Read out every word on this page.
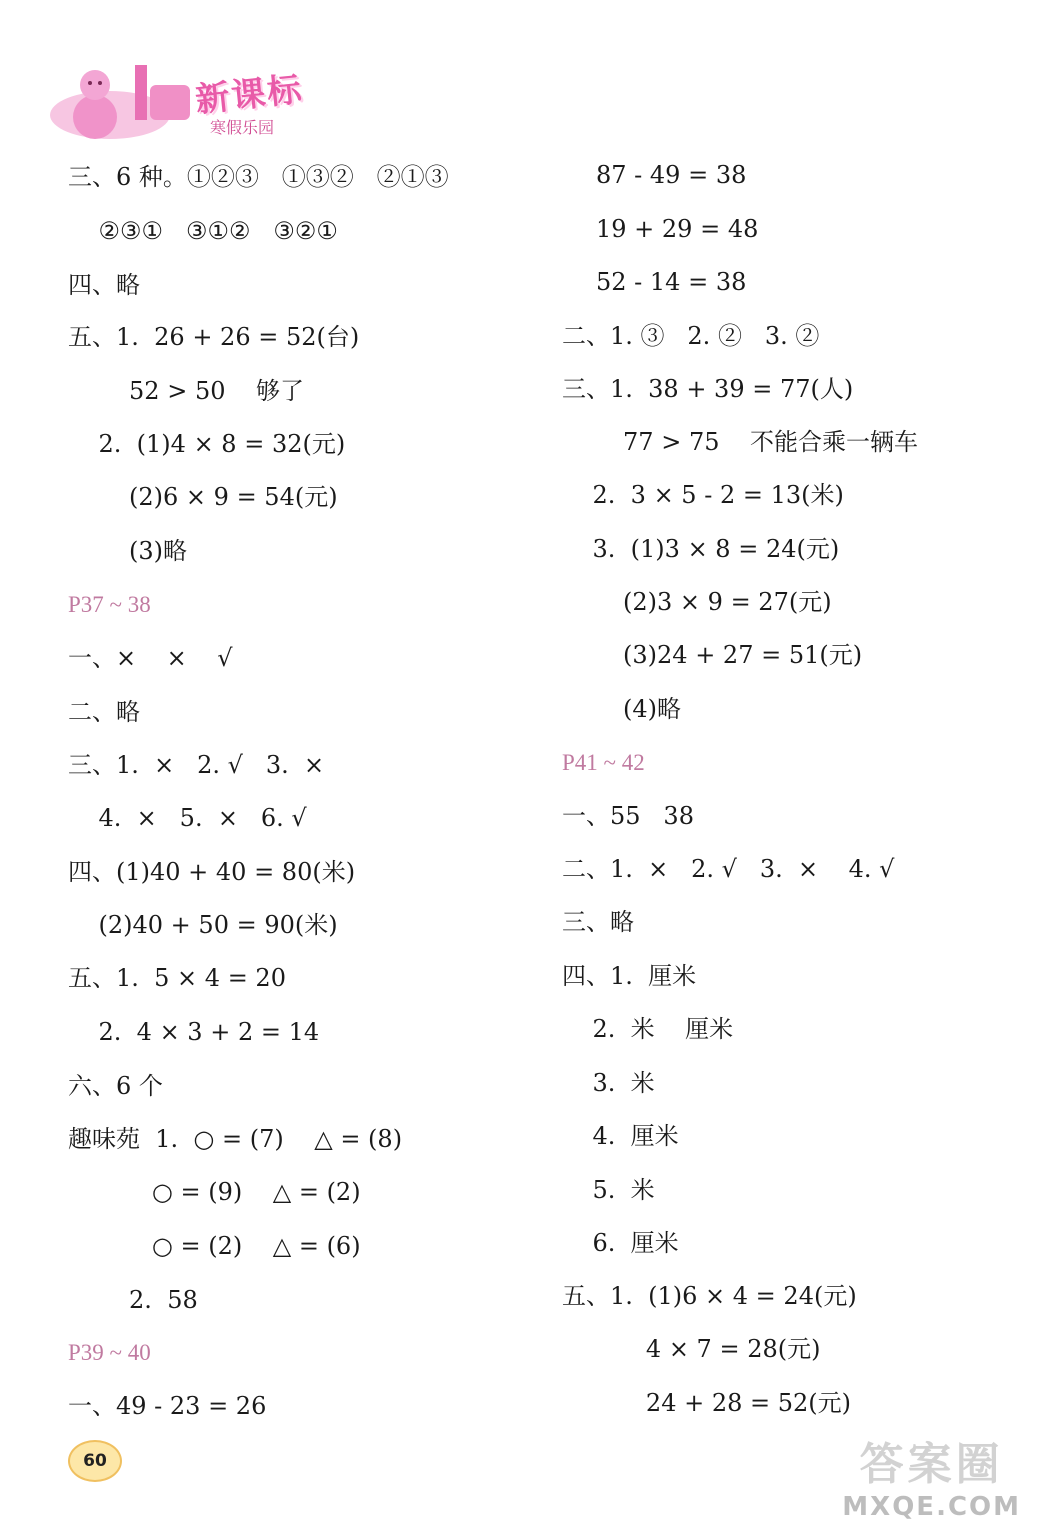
新课标
寒假乐园
三、6 种。①②③   ①③②   ②①③
②③①   ③①②   ③②①
四、略
五、1.  26 + 26 = 52(台)
52 > 50    够了
2.  (1)4 × 8 = 32(元)
(2)6 × 9 = 54(元)
(3)略
P37 ~ 38
一、×    ×    √
二、略
三、1.  ×   2. √   3.  ×
4.  ×   5.  ×   6. √
四、(1)40 + 40 = 80(米)
(2)40 + 50 = 90(米)
五、1.  5 × 4 = 20
2.  4 × 3 + 2 = 14
六、6 个
趣味苑  1.  ○ = (7)    △ = (8)
○ = (9)    △ = (2)
○ = (2)    △ = (6)
2.  58
P39 ~ 40
一、49 - 23 = 26
87 - 49 = 38
19 + 29 = 48
52 - 14 = 38
二、1. ③   2. ②   3. ②
三、1.  38 + 39 = 77(人)
77 > 75    不能合乘一辆车
2.  3 × 5 - 2 = 13(米)
3.  (1)3 × 8 = 24(元)
(2)3 × 9 = 27(元)
(3)24 + 27 = 51(元)
(4)略
P41 ~ 42
一、55   38
二、1.  ×   2. √   3.  ×    4. √
三、略
四、1.  厘米
2.  米    厘米
3.  米
4.  厘米
5.  米
6.  厘米
五、1.  (1)6 × 4 = 24(元)
4 × 7 = 28(元)
24 + 28 = 52(元)
60	答案圈
MXQE.COM
